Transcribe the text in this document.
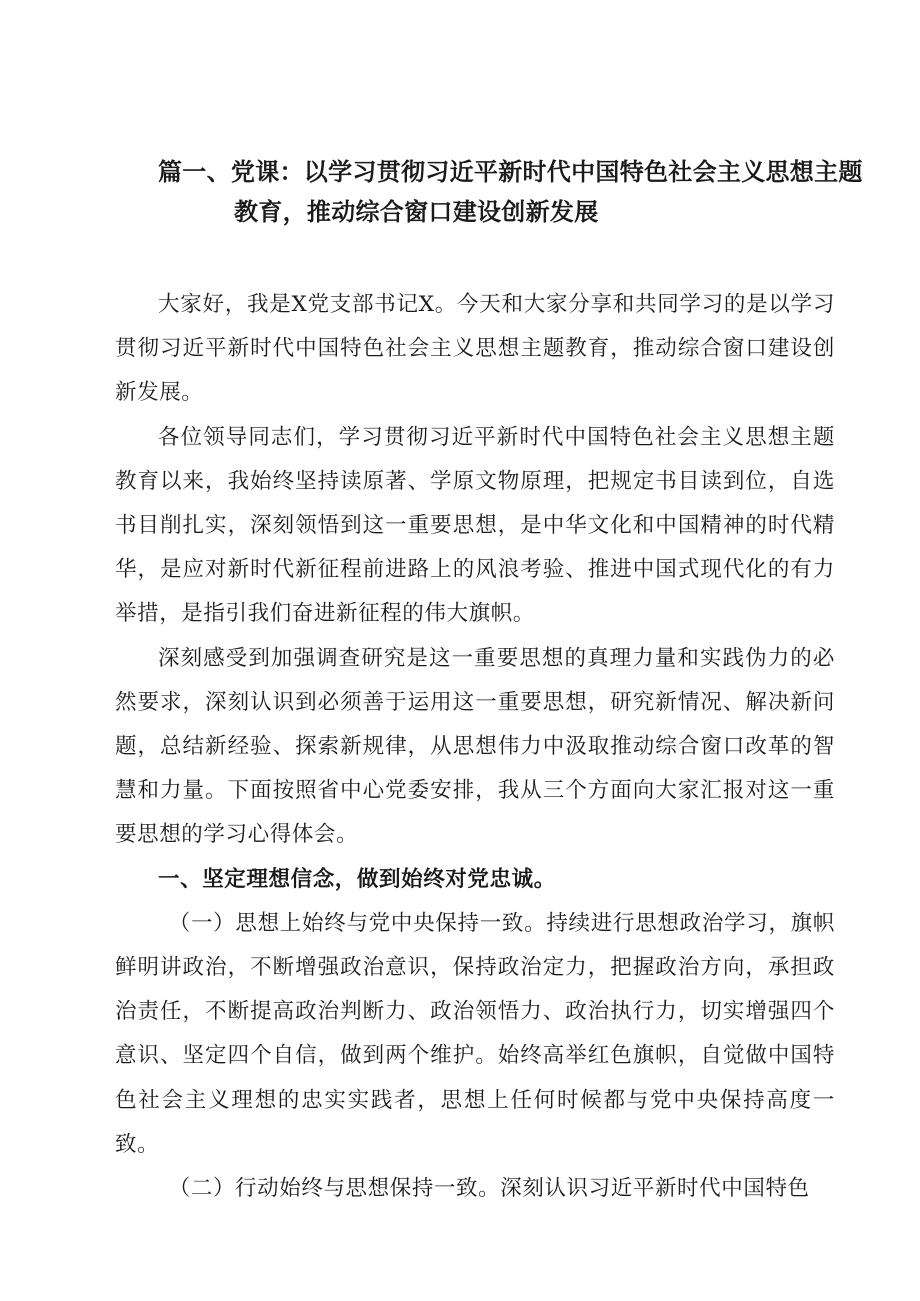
篇一、党课：以学习贯彻习近平新时代中国特色社会主义思想主题
教育，推动综合窗口建设创新发展

大家好，我是X党支部书记X。今天和大家分享和共同学习的是以学习贯彻习近平新时代中国特色社会主义思想主题教育，推动综合窗口建设创新发展。

各位领导同志们，学习贯彻习近平新时代中国特色社会主义思想主题教育以来，我始终坚持读原著、学原文物原理，把规定书目读到位，自选书目削扎实，深刻领悟到这一重要思想，是中华文化和中国精神的时代精华，是应对新时代新征程前进路上的风浪考验、推进中国式现代化的有力举措，是指引我们奋进新征程的伟大旗帜。

深刻感受到加强调查研究是这一重要思想的真理力量和实践伪力的必然要求，深刻认识到必须善于运用这一重要思想，研究新情况、解决新问题，总结新经验、探索新规律，从思想伟力中汲取推动综合窗口改革的智慧和力量。下面按照省中心党委安排，我从三个方面向大家汇报对这一重要思想的学习心得体会。

一、坚定理想信念，做到始终对党忠诚。

（一）思想上始终与党中央保持一致。持续进行思想政治学习，旗帜鲜明讲政治，不断增强政治意识，保持政治定力，把握政治方向，承担政治责任，不断提高政治判断力、政治领悟力、政治执行力，切实增强四个意识、坚定四个自信，做到两个维护。始终高举红色旗帜，自觉做中国特色社会主义理想的忠实实践者，思想上任何时候都与党中央保持高度一致。

（二）行动始终与思想保持一致。深刻认识习近平新时代中国特色
